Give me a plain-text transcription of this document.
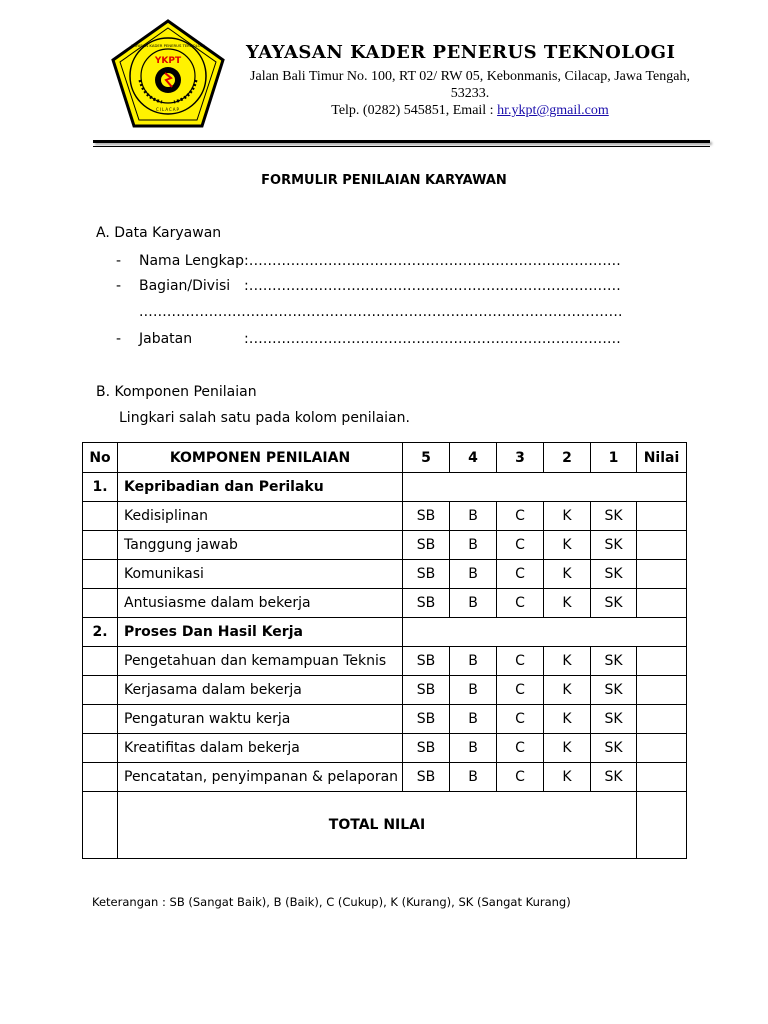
YKPT
YAYASAN KADER PENERUS TEKNOLOGI
CILACAP
YAYASAN KADER PENERUS TEKNOLOGI
Jalan Bali Timur No. 100, RT 02/ RW 05, Kebonmanis, Cilacap, Jawa Tengah, 53233.
Telp. (0282) 545851, Email : hr.ykpt@gmail.com
FORMULIR PENILAIAN KARYAWAN
A. Data Karyawan
- Nama Lengkap :................................................................................
- Bagian/Divisi :................................................................................
........................................................................................................
- Jabatan	:................................................................................
B. Komponen Penilaian
Lingkari salah satu pada kolom penilaian.
No	KOMPONEN PENILAIAN	5	4	3	2	1	Nilai
1.	Kepribadian dan Perilaku						
	Kedisiplinan	SB	B	C	K	SK	
	Tanggung jawab	SB	B	C	K	SK	
	Komunikasi	SB	B	C	K	SK	
	Antusiasme dalam bekerja	SB	B	C	K	SK	
2.	Proses Dan Hasil Kerja						
	Pengetahuan dan kemampuan Teknis	SB	B	C	K	SK	
	Kerjasama dalam bekerja	SB	B	C	K	SK	
	Pengaturan waktu kerja	SB	B	C	K	SK	
	Kreatifitas dalam bekerja	SB	B	C	K	SK	
	Pencatatan, penyimpanan & pelaporan	SB	B	C	K	SK	
	TOTAL NILAI						
Keterangan : SB (Sangat Baik), B (Baik), C (Cukup), K (Kurang), SK (Sangat Kurang)
